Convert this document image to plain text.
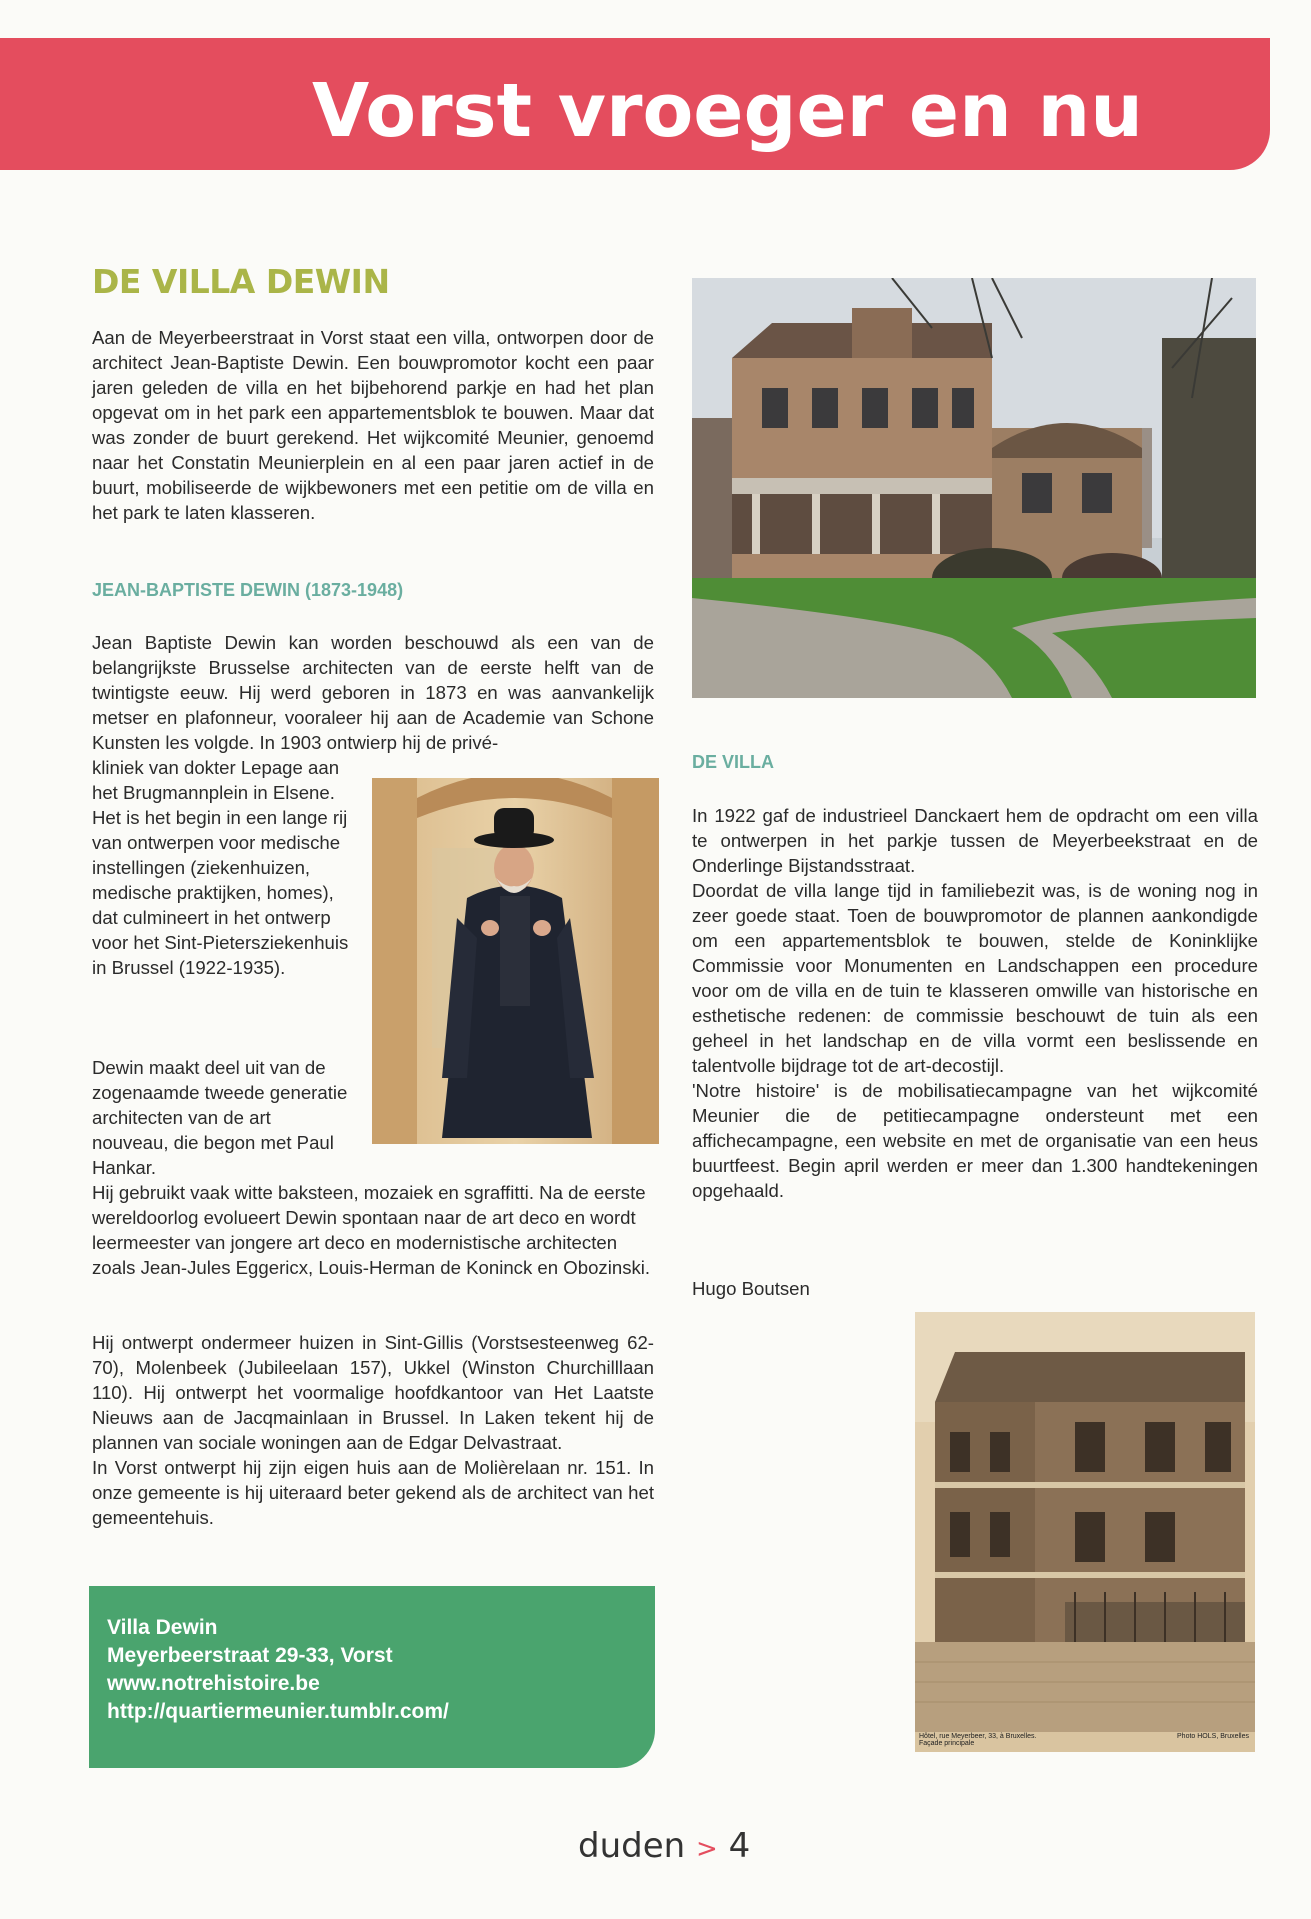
Vorst vroeger en nu
DE VILLA DEWIN

Aan de Meyerbeerstraat in Vorst staat een villa, ontworpen door de architect Jean-Baptiste Dewin. Een bouwpromotor kocht een paar jaren geleden de villa en het bijbehorend parkje en had het plan opgevat om in het park een appartementsblok te bouwen. Maar dat was zonder de buurt gerekend. Het wijkcomité Meunier, genoemd naar het Constatin Meunierplein en al een paar jaren actief in de buurt, mobiliseerde de wijkbewoners met een petitie om de villa en het park te laten klasseren.

JEAN-BAPTISTE DEWIN (1873-1948)

Jean Baptiste Dewin kan worden beschouwd als een van de belangrijkste Brusselse architecten van de eerste helft van de twintigste eeuw. Hij werd geboren in 1873 en was aanvankelijk metser en plafonneur, vooraleer hij aan de Academie van Schone Kunsten les volgde. In 1903 ontwierp hij de privé-

kliniek van dokter Lepage aan het Brugmannplein in Elsene. Het is het begin in een lange rij van ontwerpen voor medische instellingen (ziekenhuizen, medische praktijken, homes), dat culmineert in het ontwerp voor het Sint-Pietersziekenhuis in Brussel (1922-1935).

Dewin maakt deel uit van de zogenaamde tweede generatie architecten van de art nouveau, die begon met Paul Hankar.

Hij gebruikt vaak witte baksteen, mozaiek en sgraffitti. Na de eerste wereldoorlog evolueert Dewin spontaan naar de art deco en wordt leermeester van jongere art deco en modernistische architecten zoals Jean-Jules Eggericx, Louis-Herman de Koninck en Obozinski.

Hij ontwerpt ondermeer huizen in Sint-Gillis (Vorstsesteenweg 62-70), Molenbeek (Jubileelaan 157), Ukkel (Winston Churchilllaan 110). Hij ontwerpt het voormalige hoofdkantoor van Het Laatste Nieuws aan de Jacqmainlaan in Brussel. In Laken tekent hij de plannen van sociale woningen aan de Edgar Delvastraat.

In Vorst ontwerpt hij zijn eigen huis aan de Molièrelaan nr. 151. In onze gemeente is hij uiteraard beter gekend als de architect van het gemeentehuis.

Villa Dewin
Meyerbeerstraat 29-33, Vorst
www.notrehistoire.be
http://quartiermeunier.tumblr.com/
DE VILLA

In 1922 gaf de industrieel Danckaert hem de opdracht om een villa te ontwerpen in het parkje tussen de Meyerbeekstraat en de Onderlinge Bijstandsstraat.

Doordat de villa lange tijd in familiebezit was, is de woning nog in zeer goede staat. Toen de bouwpromotor de plannen aankondigde om een appartementsblok te bouwen, stelde de Koninklijke Commissie voor Monumenten en Landschappen een procedure voor om de villa en de tuin te klasseren omwille van historische en esthetische redenen: de commissie beschouwt de tuin als een geheel in het landschap en de villa vormt een beslissende en talentvolle bijdrage tot de art-decostijl.

'Notre histoire' is de mobilisatiecampagne van het wijkcomité Meunier die de petitiecampagne ondersteunt met een affichecampagne, een website en met de organisatie van een heus buurtfeest. Begin april werden er meer dan 1.300 handtekeningen opgehaald.

Hugo Boutsen

Hôtel, rue Meyerbeer, 33, à Bruxelles.
Façade principale
Photo HOLS, Bruxelles
duden > 4
